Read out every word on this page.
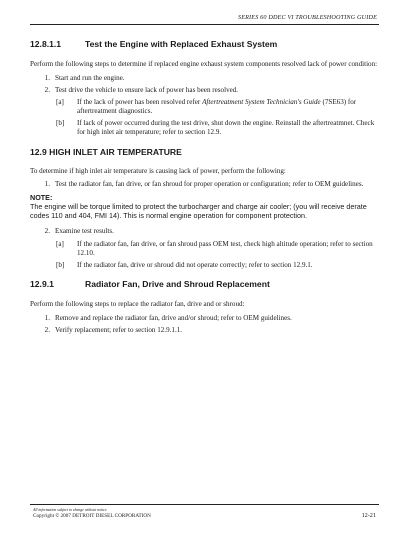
SERIES 60 DDEC VI TROUBLESHOOTING GUIDE
12.8.1.1	Test the Engine with Replaced Exhaust System

Perform the following steps to determine if replaced engine exhaust system components resolved lack of power condition:

1. Start and run the engine.
2. Test drive the vehicle to ensure lack of power has been resolved.
[a]	If the lack of power has been resolved refer Aftertreatment System Technician's Guide (7SE63) for aftertreatment diagnostics.
[b]	If lack of power occurred during the test drive, shut down the engine. Reinstall the aftertreatmnet. Check for high inlet air temperature; refer to section 12.9.
12.9 HIGH INLET AIR TEMPERATURE

To determine if high inlet air temperature is causing lack of power, perform the following:

1. Test the radiator fan, fan drive, or fan shroud for proper operation or configuration; refer to OEM guidelines.
NOTE:
The engine will be torque limited to protect the turbocharger and charge air cooler; (you will receive derate codes 110 and 404, FMI 14). This is normal engine operation for component protection.
2. Examine test results.
[a]	If the radiator fan, fan drive, or fan shroud pass OEM test, check high altitude operation; refer to section 12.10.
[b]	If the radiator fan, drive or shroud did not operate correctly; refer to section 12.9.1.
12.9.1	Radiator Fan, Drive and Shroud Replacement

Perform the following steps to replace the radiator fan, drive and or shroud:

1. Remove and replace the radiator fan, drive and/or shroud; refer to OEM guidelines.
2. Verify replacement; refer to section 12.9.1.1.
All information subject to change without notice.
Copyright © 2007 DETROIT DIESEL CORPORATION	12-21
